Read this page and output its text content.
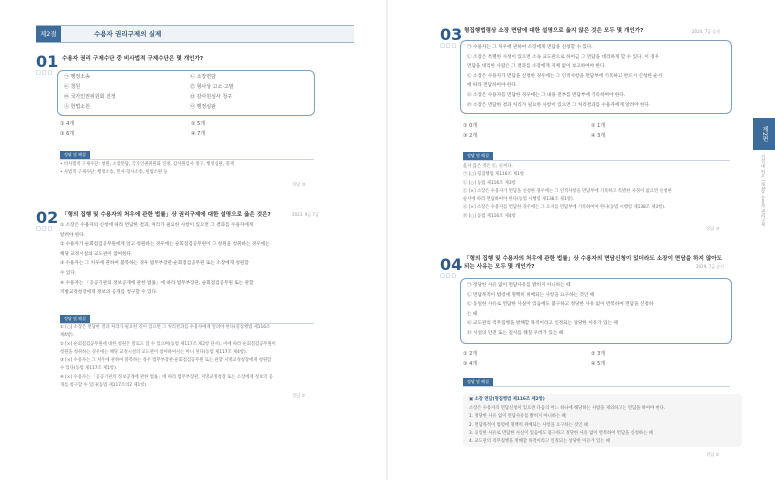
제2절	수용자 권리구제의 실제
01
□□□
수용자 권리 구제수단 중 비사법적 구제수단은 몇 개인가?
㉠ 행정소송
㉢ 청원
㉤ 국가인권위원회 진정
㉦ 헌법소원
㉡ 소장면담
㉣ 형사상 고소·고발
㉥ 감사원심사 청구
㉧ 행정심판
① 4개	② 5개
③ 6개	④ 7개
정답 및 해설
• 비사법적 구제수단: 청원, 소장면담, 국가인권위원회 진정, 감사원심사 청구, 행정심판, 중재
• 사법적 구제수단: 행정소송, 민사·형사소송, 헌법소원 등
정답 ③
02
□□□
「형의 집행 및 수용자의 처우에 관한 법률」상 권리구제에 대한 설명으로 옳은 것은?	2023. 9급 7급
① 소장은 수용자의 신청에 따라 면담한 결과, 처리가 필요한 사항이 있으면 그 결과를 수용자에게
알려야 한다.
② 수용자가 순회점검공무원에게 알고 청원하는 경우에는 순회점검공무원이 그 청원을 청취하는 경우에는
해당 교정시설의 교도관이 참여한다.
③ 수용자는 그 처우에 관하여 불복하는 경우 법무부장관·순회점검공무원 또는 소장에게 청원할
수 있다.
④ 수용자는 「공공기관의 정보공개에 관한 법률」에 따라 법무부장관, 순회점검공무원 또는 관할
지방교정청장에게 정보의 공개를 청구할 수 있다.
정답 및 해설
① [○] 소장은 면담한 결과 처리가 필요한 것이 있으면 그 처리결과를 수용자에게 알려야 한다(형집행법 제116조
제4항).
② [×] 순회점검공무원에 대한 청원은 말로도 할 수 있으며(동법 제117조 제2항 단서), 이에 따라 순회점검공무원이
청원을 청취하는 경우에는 해당 교정시설의 교도관이 참여하여서는 아니 된다(동법 제117조 제4항).
③ [×] 수용자는 그 처우에 관하여 불복하는 경우 법무부장관·순회점검공무원 또는 관할 지방교정청장에게 청원할
수 있다(동법 제117조 제1항).
④ [×] 수용자는 「공공기관의 정보공개에 관한 법률」에 따라 법무부장관, 지방교정청장 또는 소장에게 정보의 공
개를 청구할 수 있다(동법 제117조의2 제1항).
정답 ①
03
□□□
형집행법령상 소장 면담에 대한 설명으로 옳지 않은 것은 모두 몇 개인가?	2024. 7급 승진
㉠ 수용자는 그 처우에 관하여 소장에게 면담을 신청할 수 있다.
㉡ 소장은 특별한 사정이 있으면 소속 교도관으로 하여금 그 면담을 대리하게 할 수 있다. 이 경우
면담을 대리한 사람은 그 결과를 소장에게 지체 없이 보고하여야 한다.
㉢ 소장은 수용자가 면담을 신청한 경우에는 그 인적사항을 면담부에 기록하고 반드시 신청한 순서
에 따라 면담하여야 한다.
㉣ 소장은 수용자를 면담한 경우에는 그 내용 전부를 면담부에 기록하여야 한다.
㉤ 소장은 면담한 결과 처리가 필요한 사항이 있으면 그 처리결과를 수용자에게 알려야 한다.
① 0개	② 1개
③ 2개	④ 3개
정답 및 해설
옳지 않은 것은 ㉢, ㉣이다.
㉠ [○] 형집행법 제116조 제1항
㉡ [○] 동법 제116조 제3항
㉢ [×] 소장은 수용자가 면담을 신청한 경우에는 그 인적사항을 면담부에 기록하고 특별한 사정이 없으면 신청한
순서에 따라 면담하여야 한다(동법 시행령 제138조 제1항).
㉣ [×] 소장은 수용자를 면담한 경우에는 그 요지를 면담부에 기록하여야 한다(동법 시행령 제138조 제3항).
㉤ [○] 동법 제116조 제4항
정답 ③
04
□□□
「형의 집행 및 수용자의 처우에 관한 법률」상 수용자의 면담신청이 있더라도 소장이 면담을 하지 않아도
되는 사유는 모두 몇 개인가?	2019. 7급 승진
㉠ 정당한 사유 없이 면담사유를 밝히지 아니하는 때
㉡ 면담목적이 법령에 명백히 위배되는 사항을 요구하는 것인 때
㉢ 동일한 사유로 면담한 사실이 있음에도 불구하고 정당한 사유 없이 반복하여 면담을 신청하
는 때
㉣ 교도관의 직무집행을 방해할 목적이라고 인정되는 상당한 이유가 있는 때
㉤ 시설의 안전 또는 질서를 해칠 우려가 있는 때
① 2개	② 3개
③ 4개	④ 5개
정답 및 해설
▣ 소장 면담(형집행법 제116조 제2항)
소장은 수용자의 면담신청이 있으면 다음의 어느 하나에 해당하는 사람을 제외하고는 면담을 하여야 한다.
1. 정당한 사유 없이 면담사유를 밝히지 아니하는 때
2. 면담목적이 법령에 명백히 위배되는 사항을 요구하는 것인 때
3. 동일한 사유로 면담한 사실이 있음에도 불구하고 정당한 사유 없이 반복하여 면담을 신청하는 때
4. 교도관의 직무집행을 방해할 목적이라고 인정되는 상당한 이유가 있는 때
정답 ②
제2편
시설 내 처우 | 제5장 수용자 권리구제
